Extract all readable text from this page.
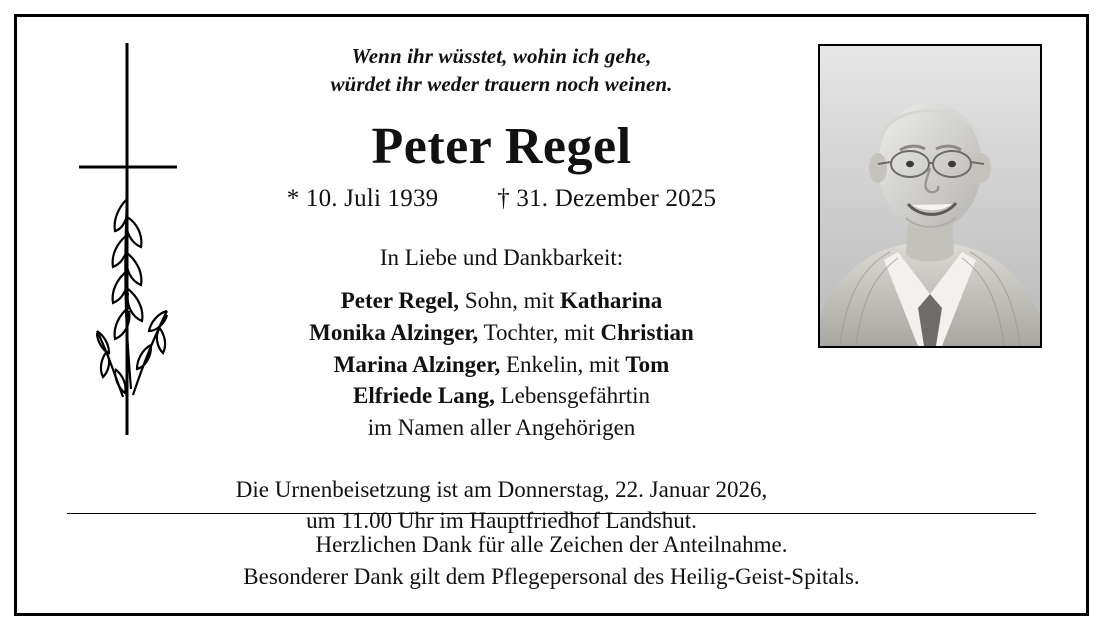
Wenn ihr wüsstet, wohin ich gehe,
würdet ihr weder trauern noch weinen.
Peter Regel
* 10. Juli 1939 † 31. Dezember 2025
In Liebe und Dankbarkeit:
Peter Regel, Sohn, mit Katharina
Monika Alzinger, Tochter, mit Christian
Marina Alzinger, Enkelin, mit Tom
Elfriede Lang, Lebensgefährtin
im Namen aller Angehörigen
Die Urnenbeisetzung ist am Donnerstag, 22. Januar 2026,
um 11.00 Uhr im Hauptfriedhof Landshut.
Herzlichen Dank für alle Zeichen der Anteilnahme.
Besonderer Dank gilt dem Pflegepersonal des Heilig-Geist-Spitals.
